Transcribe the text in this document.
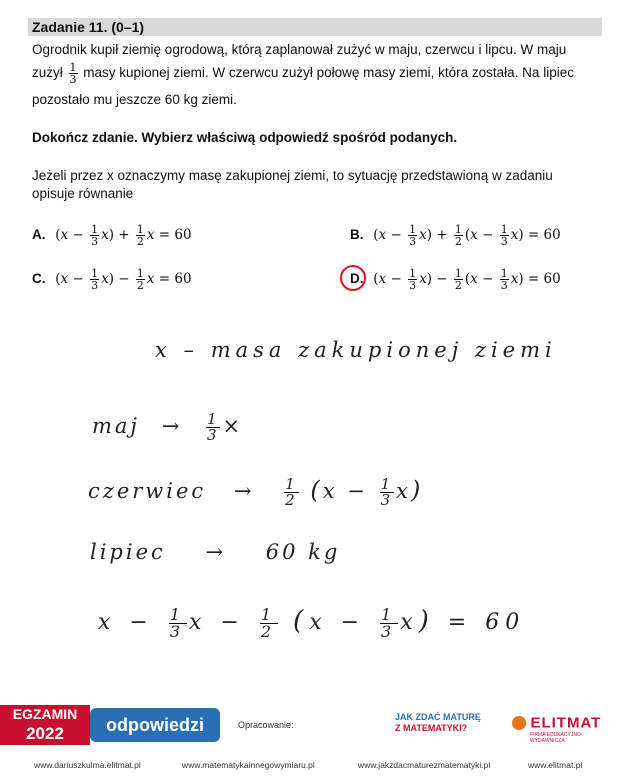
Zadanie 11. (0–1)
Ogrodnik kupił ziemię ogrodową, którą zaplanował zużyć w maju, czerwcu i lipcu. W maju
zużył $\frac{1}{3}$ masy kupionej ziemi. W czerwcu zużył połowę masy ziemi, która została. Na lipiec
pozostało mu jeszcze 60 kg ziemi.
Dokończ zdanie. Wybierz właściwą odpowiedź spośród podanych.
Jeżeli przez x oznaczymy masę zakupionej ziemi, to sytuację przedstawioną w zadaniu
opisuje równanie
A. $(x - \frac{1}{3} x) + \frac{1}{2}$ x = 60	B. $(x - \frac{1}{3} x) + \frac{1}{2} (x - \frac{1}{3} x) = 60$
C. $(x - \frac{1}{3} x) - \frac{1}{2}$ x = 60	D. $(x - \frac{1}{3} x) - \frac{1}{2} (x - \frac{1}{3} x) = 60$
x – masa zakupionej ziemi
maj → $\frac{1}{3}$ ×
czerwiec → $\frac{1}{2} (x - \frac{1}{3} x)$
lipiec → 60 kg
$x - \frac{1}{3}$ $x - \frac{1}{2} (x - \frac{1}{3} x) = 60$
EGZAMIN
2022	odpowiedzi	Opracowanie:
JAK ZDAĆ MATURĘ
Z MATEMATYKI?	ELITMAT
FIRMA EDUKACYJNO-WYDAWNICZA
www.dariuszkulma.elitmat.pl	www.matematykainnegowymiaru.pl	www.jakzdacmaturezmatematyki.pl	www.elitmat.pl
